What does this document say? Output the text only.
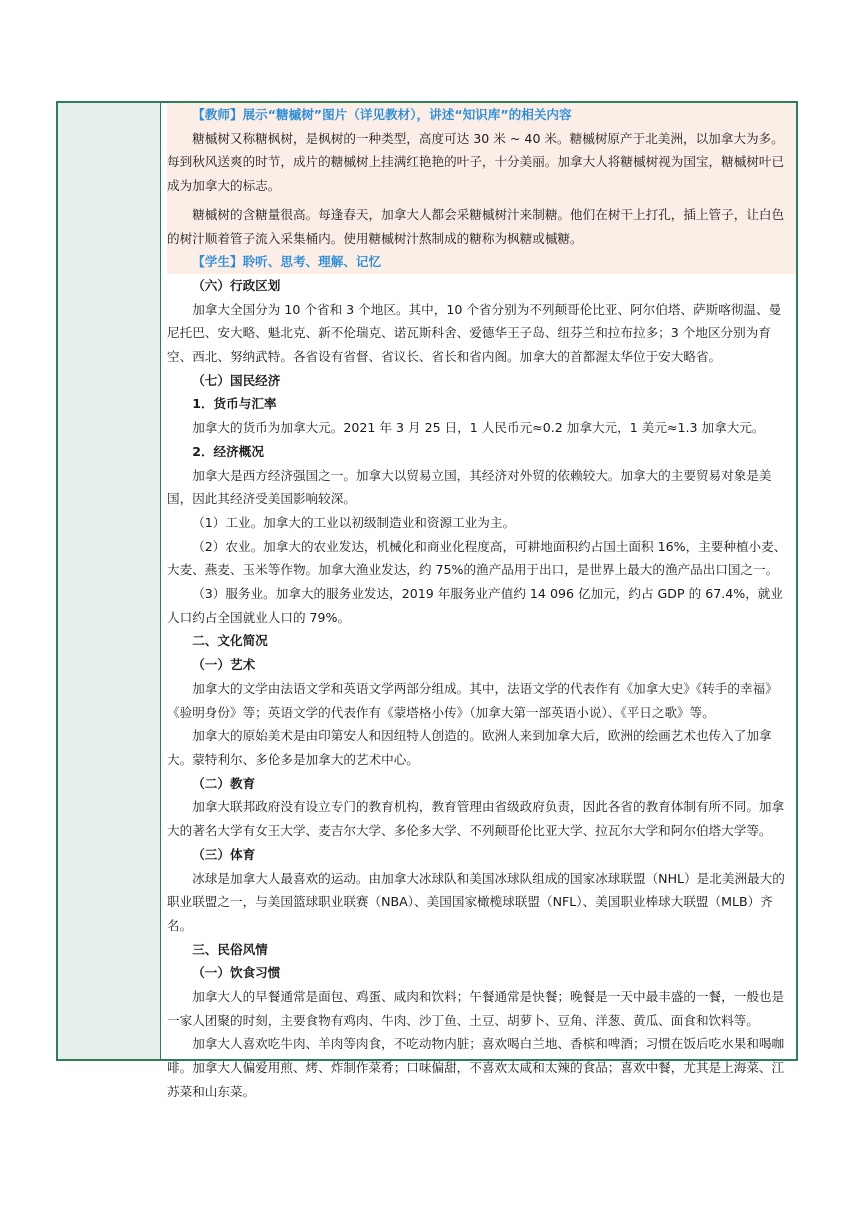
【教师】展示“糖槭树”图片（详见教材），讲述“知识库”的相关内容

糖槭树又称糖枫树，是枫树的一种类型，高度可达 30 米 ~ 40 米。糖槭树原产于北美洲，以加拿大为多。每到秋风送爽的时节，成片的糖槭树上挂满红艳艳的叶子，十分美丽。加拿大人将糖槭树视为国宝，糖槭树叶已成为加拿大的标志。

糖槭树的含糖量很高。每逢春天，加拿大人都会采糖槭树汁来制糖。他们在树干上打孔，插上管子，让白色的树汁顺着管子流入采集桶内。使用糖槭树汁熬制成的糖称为枫糖或槭糖。

【学生】聆听、思考、理解、记忆

（六）行政区划

加拿大全国分为 10 个省和 3 个地区。其中，10 个省分别为不列颠哥伦比亚、阿尔伯塔、萨斯喀彻温、曼尼托巴、安大略、魁北克、新不伦瑞克、诺瓦斯科舍、爱德华王子岛、纽芬兰和拉布拉多；3 个地区分别为育空、西北、努纳武特。各省设有省督、省议长、省长和省内阁。加拿大的首都渥太华位于安大略省。

（七）国民经济

1．货币与汇率

加拿大的货币为加拿大元。2021 年 3 月 25 日，1 人民币元≈0.2 加拿大元，1 美元≈1.3 加拿大元。

2．经济概况

加拿大是西方经济强国之一。加拿大以贸易立国，其经济对外贸的依赖较大。加拿大的主要贸易对象是美国，因此其经济受美国影响较深。

（1）工业。加拿大的工业以初级制造业和资源工业为主。

（2）农业。加拿大的农业发达，机械化和商业化程度高，可耕地面积约占国土面积 16%，主要种植小麦、大麦、燕麦、玉米等作物。加拿大渔业发达，约 75%的渔产品用于出口，是世界上最大的渔产品出口国之一。

（3）服务业。加拿大的服务业发达，2019 年服务业产值约 14 096 亿加元，约占 GDP 的 67.4%，就业人口约占全国就业人口的 79%。

二、文化简况

（一）艺术

加拿大的文学由法语文学和英语文学两部分组成。其中，法语文学的代表作有《加拿大史》《转手的幸福》《验明身份》等；英语文学的代表作有《蒙塔格小传》（加拿大第一部英语小说）、《平日之歌》等。

加拿大的原始美术是由印第安人和因纽特人创造的。欧洲人来到加拿大后，欧洲的绘画艺术也传入了加拿大。蒙特利尔、多伦多是加拿大的艺术中心。

（二）教育

加拿大联邦政府没有设立专门的教育机构，教育管理由省级政府负责，因此各省的教育体制有所不同。加拿大的著名大学有女王大学、麦吉尔大学、多伦多大学、不列颠哥伦比亚大学、拉瓦尔大学和阿尔伯塔大学等。

（三）体育

冰球是加拿大人最喜欢的运动。由加拿大冰球队和美国冰球队组成的国家冰球联盟（NHL）是北美洲最大的职业联盟之一，与美国篮球职业联赛（NBA）、美国国家橄榄球联盟（NFL）、美国职业棒球大联盟（MLB）齐名。

三、民俗风情

（一）饮食习惯

加拿大人的早餐通常是面包、鸡蛋、咸肉和饮料；午餐通常是快餐；晚餐是一天中最丰盛的一餐，一般也是一家人团聚的时刻，主要食物有鸡肉、牛肉、沙丁鱼、土豆、胡萝卜、豆角、洋葱、黄瓜、面食和饮料等。

加拿大人喜欢吃牛肉、羊肉等肉食，不吃动物内脏；喜欢喝白兰地、香槟和啤酒；习惯在饭后吃水果和喝咖啡。加拿大人偏爱用煎、烤、炸制作菜肴；口味偏甜，不喜欢太咸和太辣的食品；喜欢中餐，尤其是上海菜、江苏菜和山东菜。
